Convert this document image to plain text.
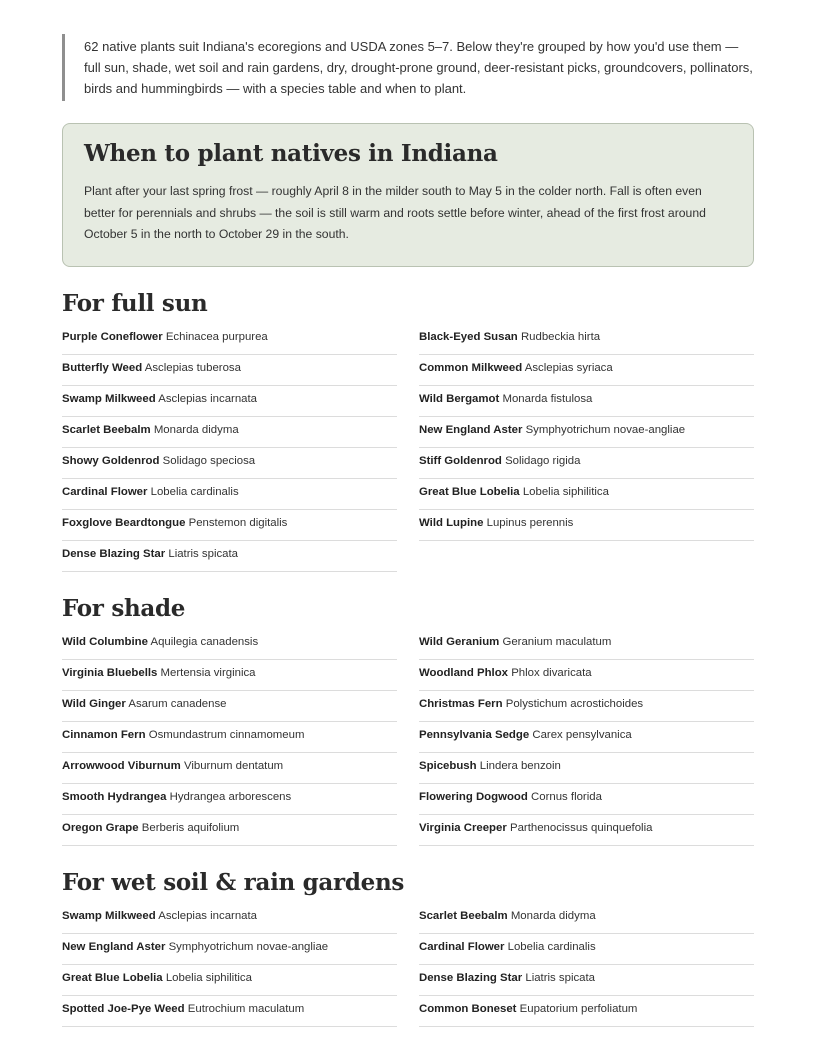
62 native plants suit Indiana's ecoregions and USDA zones 5–7. Below they're grouped by how you'd use them — full sun, shade, wet soil and rain gardens, dry, drought-prone ground, deer-resistant picks, groundcovers, pollinators, birds and hummingbirds — with a species table and when to plant.

When to plant natives in Indiana

Plant after your last spring frost — roughly April 8 in the milder south to May 5 in the colder north. Fall is often even better for perennials and shrubs — the soil is still warm and roots settle before winter, ahead of the first frost around October 5 in the north to October 29 in the south.

For full sun
Purple Coneflower Echinacea purpurea	Black-Eyed Susan Rudbeckia hirta
Butterfly Weed Asclepias tuberosa	Common Milkweed Asclepias syriaca
Swamp Milkweed Asclepias incarnata	Wild Bergamot Monarda fistulosa
Scarlet Beebalm Monarda didyma	New England Aster Symphyotrichum novae-angliae
Showy Goldenrod Solidago speciosa	Stiff Goldenrod Solidago rigida
Cardinal Flower Lobelia cardinalis	Great Blue Lobelia Lobelia siphilitica
Foxglove Beardtongue Penstemon digitalis	Wild Lupine Lupinus perennis
Dense Blazing Star Liatris spicata
For shade
Wild Columbine Aquilegia canadensis	Wild Geranium Geranium maculatum
Virginia Bluebells Mertensia virginica	Woodland Phlox Phlox divaricata
Wild Ginger Asarum canadense	Christmas Fern Polystichum acrostichoides
Cinnamon Fern Osmundastrum cinnamomeum	Pennsylvania Sedge Carex pensylvanica
Arrowwood Viburnum Viburnum dentatum	Spicebush Lindera benzoin
Smooth Hydrangea Hydrangea arborescens	Flowering Dogwood Cornus florida
Oregon Grape Berberis aquifolium	Virginia Creeper Parthenocissus quinquefolia
For wet soil & rain gardens
Swamp Milkweed Asclepias incarnata	Scarlet Beebalm Monarda didyma
New England Aster Symphyotrichum novae-angliae	Cardinal Flower Lobelia cardinalis
Great Blue Lobelia Lobelia siphilitica	Dense Blazing Star Liatris spicata
Spotted Joe-Pye Weed Eutrochium maculatum	Common Boneset Eupatorium perfoliatum
